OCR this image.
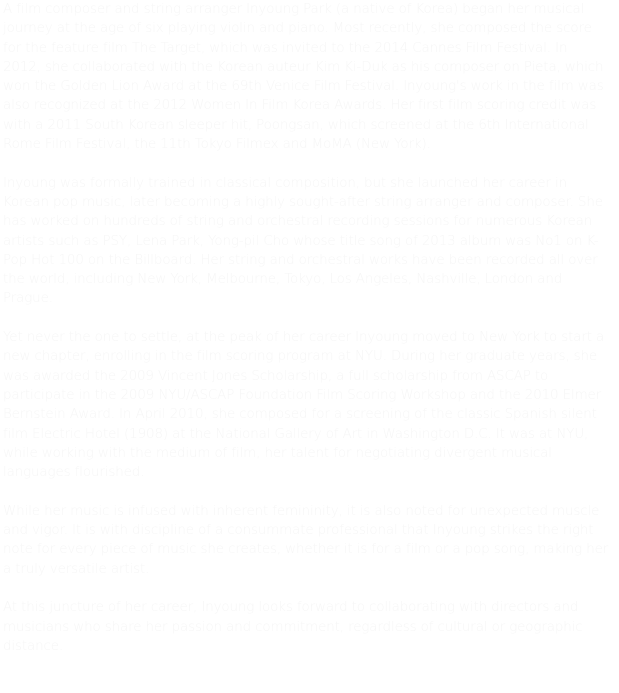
A film composer and string arranger Inyoung Park (a native of Korea) began her musical journey at the age of six playing violin and piano. Most recently, she composed the score for the feature film The Target, which was invited to the 2014 Cannes Film Festival. In 2012, she collaborated with the Korean auteur Kim Ki-Duk as his composer on Pieta, which won the Golden Lion Award at the 69th Venice Film Festival. Inyoung's work in the film was also recognized at the 2012 Women In Film Korea Awards. Her first film scoring credit was with a 2011 South Korean sleeper hit, Poongsan, which screened at the 6th International Rome Film Festival, the 11th Tokyo Filmex and MoMA (New York).

Inyoung was formally trained in classical composition, but she launched her career in Korean pop music, later becoming a highly sought-after string arranger and composer. She has worked on hundreds of string and orchestral recording sessions for numerous Korean artists such as PSY, Lena Park, Yong-pil Cho whose title song of 2013 album was No1 on K-Pop Hot 100 on the Billboard. Her string and orchestral works have been recorded all over the world, including New York, Melbourne, Tokyo, Los Angeles, Nashville, London and Prague.

Yet never the one to settle, at the peak of her career Inyoung moved to New York to start a new chapter, enrolling in the film scoring program at NYU. During her graduate years, she was awarded the 2009 Vincent Jones Scholarship, a full scholarship from ASCAP to participate in the 2009 NYU/ASCAP Foundation Film Scoring Workshop and the 2010 Elmer Bernstein Award. In April 2010, she composed for a screening of the classic Spanish silent film Electric Hotel (1908) at the National Gallery of Art in Washington D.C. It was at NYU, while working with the medium of film, her talent for negotiating divergent musical languages flourished.

While her music is infused with inherent femininity, it is also noted for unexpected muscle and vigor. It is with discipline of a consummate professional that Inyoung strikes the right note for every piece of music she creates, whether it is for a film or a pop song, making her a truly versatile artist.

At this juncture of her career, Inyoung looks forward to collaborating with directors and musicians who share her passion and commitment, regardless of cultural or geographic distance.
